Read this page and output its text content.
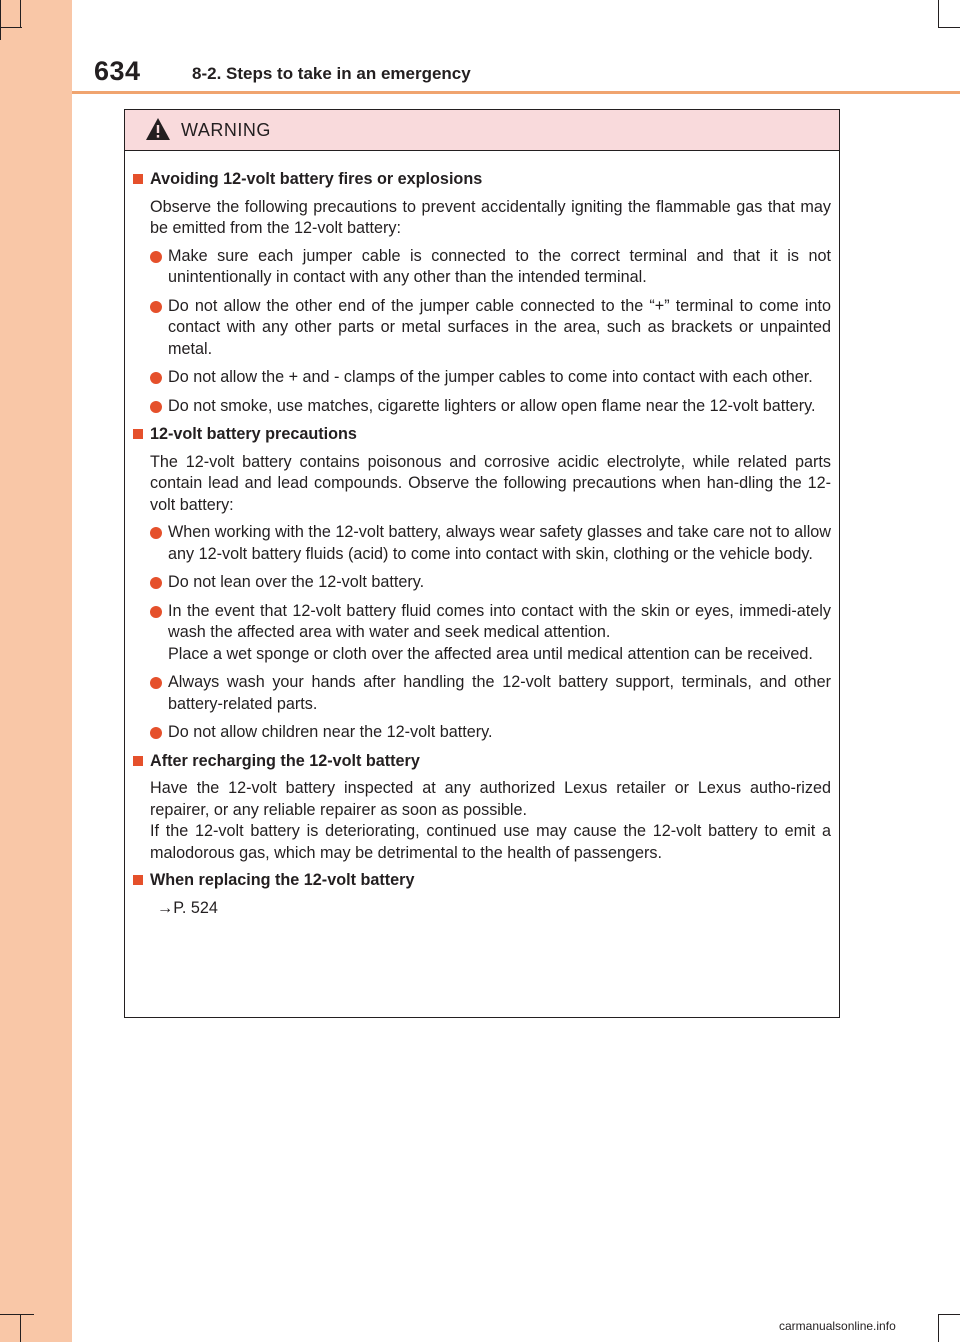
634	8-2. Steps to take in an emergency
WARNING
Avoiding 12-volt battery fires or explosions
Observe the following precautions to prevent accidentally igniting the flammable gas that may be emitted from the 12-volt battery:
Make sure each jumper cable is connected to the correct terminal and that it is not unintentionally in contact with any other than the intended terminal.
Do not allow the other end of the jumper cable connected to the “+” terminal to come into contact with any other parts or metal surfaces in the area, such as brackets or unpainted metal.
Do not allow the + and - clamps of the jumper cables to come into contact with each other.
Do not smoke, use matches, cigarette lighters or allow open flame near the 12-volt battery.
12-volt battery precautions
The 12-volt battery contains poisonous and corrosive acidic electrolyte, while related parts contain lead and lead compounds. Observe the following precautions when han-dling the 12-volt battery:
When working with the 12-volt battery, always wear safety glasses and take care not to allow any 12-volt battery fluids (acid) to come into contact with skin, clothing or the vehicle body.
Do not lean over the 12-volt battery.
In the event that 12-volt battery fluid comes into contact with the skin or eyes, immedi-ately wash the affected area with water and seek medical attention.
Place a wet sponge or cloth over the affected area until medical attention can be received.
Always wash your hands after handling the 12-volt battery support, terminals, and other battery-related parts.
Do not allow children near the 12-volt battery.
After recharging the 12-volt battery
Have the 12-volt battery inspected at any authorized Lexus retailer or Lexus autho-rized repairer, or any reliable repairer as soon as possible.
If the 12-volt battery is deteriorating, continued use may cause the 12-volt battery to emit a malodorous gas, which may be detrimental to the health of passengers.
When replacing the 12-volt battery
→P. 524
carmanualsonline.info
